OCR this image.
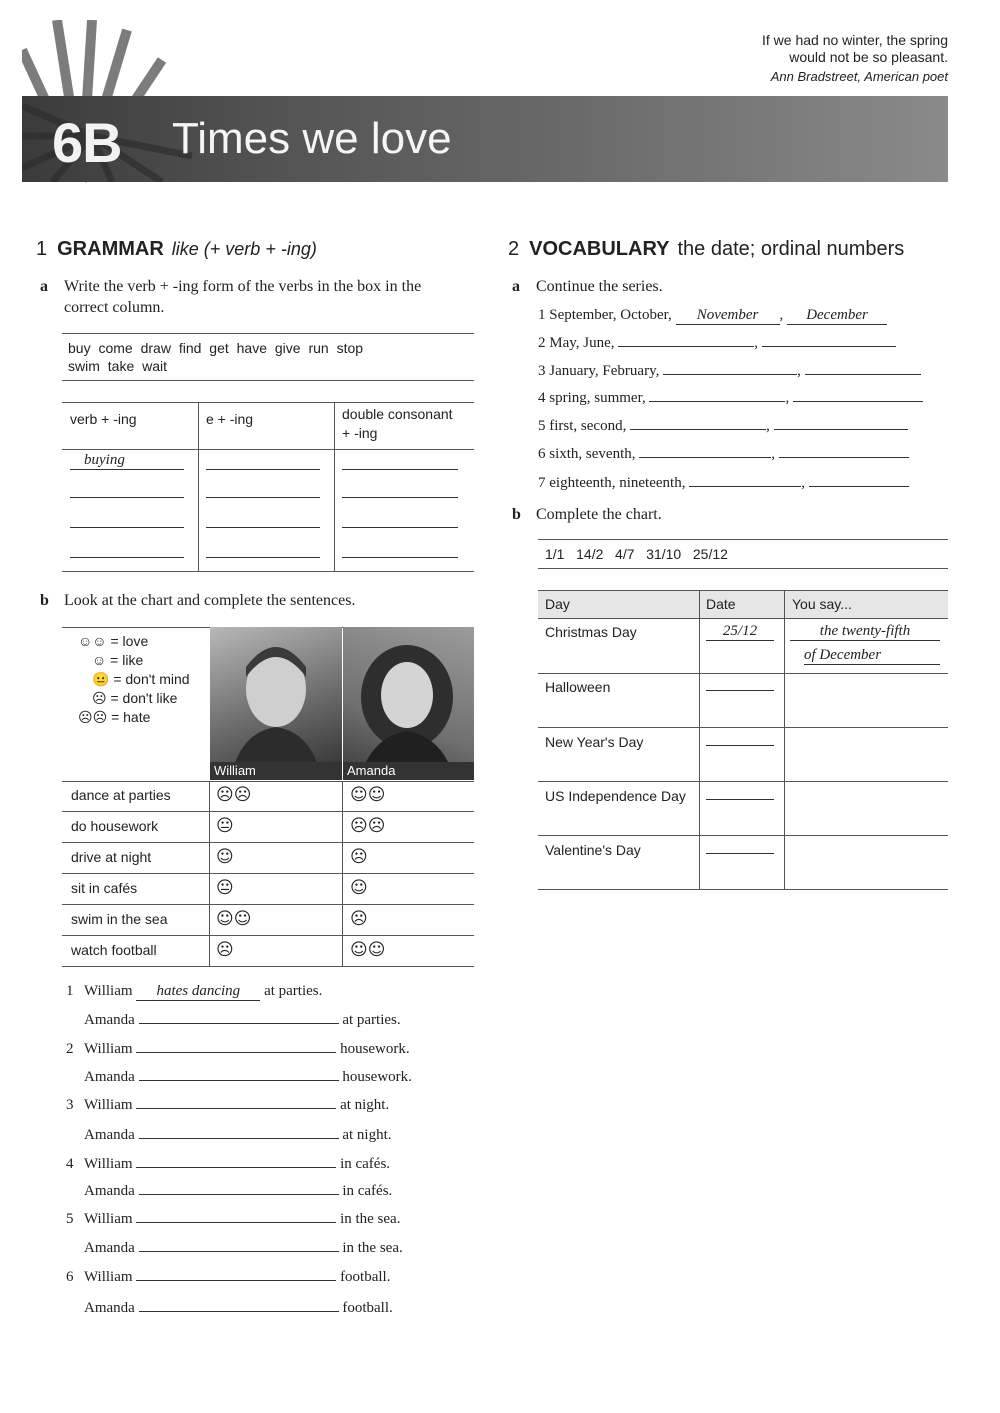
If we had no winter, the spring
would not be so pleasant.
Ann Bradstreet, American poet
6B Times we love
1 GRAMMAR like (+ verb + -ing)
a Write the verb + -ing form of the verbs in the box in the
correct column.
buy come draw find get have give run stop
swim take wait
verb + -ing	e + -ing	double consonant
+ -ing
buying
b Look at the chart and complete the sentences.
☺☺ = love
☺ = like
😐 = don't mind
☹ = don't like
☹☹ = hate
William	Amanda
dance at parties	☹☹	☺☺
do housework	😐	☹☹
drive at night	☺	☹
sit in cafés	😐	☺
swim in the sea	☺☺	☹
watch football	☹	☺☺
1 William hates dancing at parties.
Amanda	at parties.
2 William	housework.
Amanda	housework.
3 William	at night.
Amanda	at night.
4 William	in cafés.
Amanda	in cafés.
5 William	in the sea.
Amanda	in the sea.
6 William	football.
Amanda	football.
2 VOCABULARY the date; ordinal numbers
a Continue the series.
1 September, October, November , December
2 May, June,	,
3 January, February,	,
4 spring, summer,	,
5 first, second,	,
6 sixth, seventh,	,
7 eighteenth, nineteenth,	,
b Complete the chart.
1/1   14/2   4/7   31/10   25/12
Day	Date	You say...
Christmas Day	25/12	the twenty-fifth
of December
Halloween
New Year's Day
US Independence Day
Valentine's Day
